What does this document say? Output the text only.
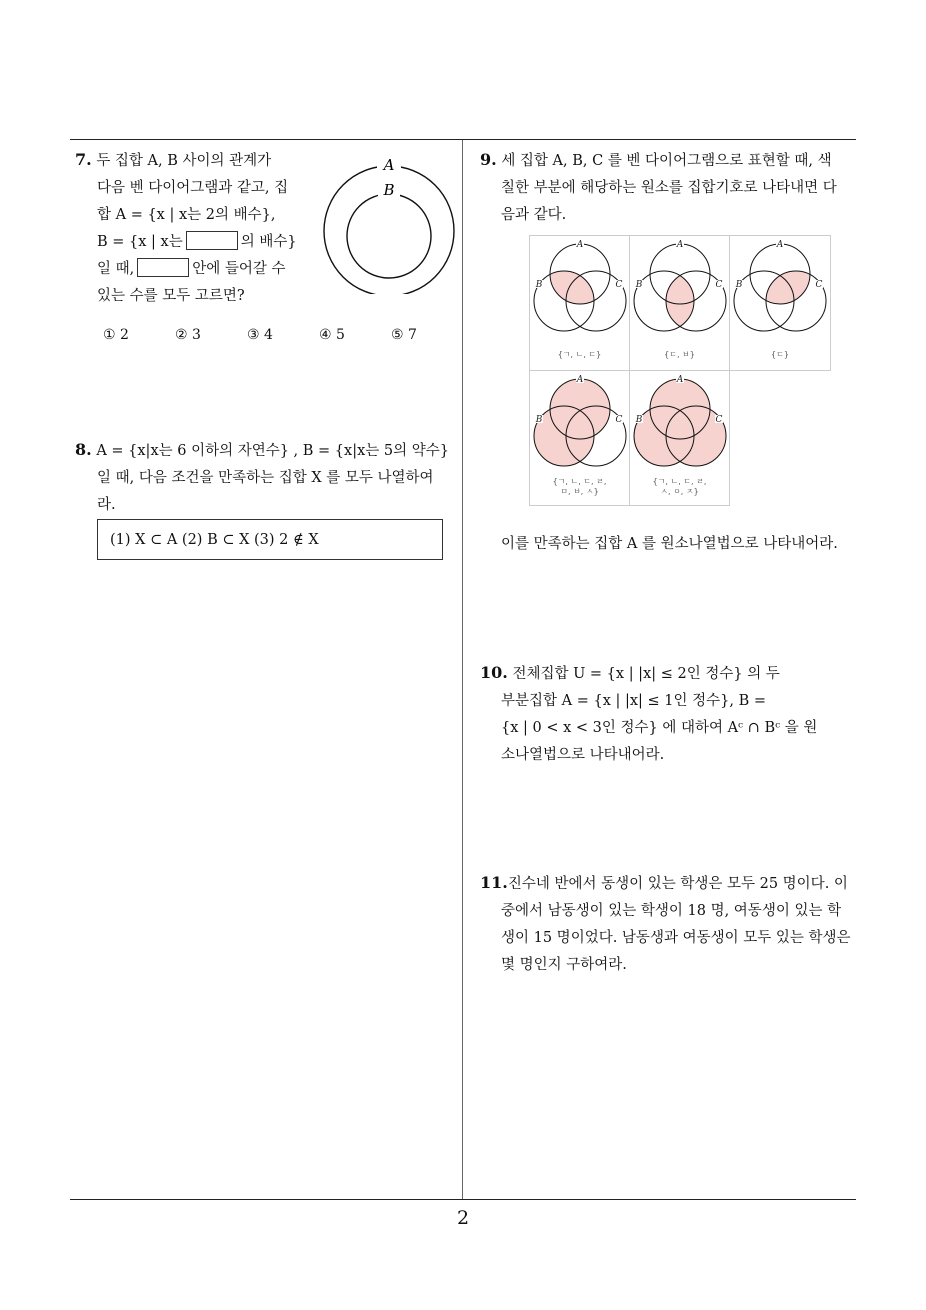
7. 두 집합 A, B 사이의 관계가
다음 벤 다이어그램과 같고, 집
합 A = {x | x는 2의 배수},
B = {x | x는	의 배수}
일 때,	안에 들어갈 수
있는 수를 모두 고르면?
A
B
① 2	② 3	③ 4	④ 5	⑤ 7
8. A = {x|x는 6 이하의 자연수} , B = {x|x는 5의 약수}
일 때, 다음 조건을 만족하는 집합 X 를 모두 나열하여
라.
(1) X ⊂ A (2) B ⊂ X (3) 2 ∉ X
9. 세 집합 A, B, C 를 벤 다이어그램으로 표현할 때, 색
칠한 부분에 해당하는 원소를 집합기호로 나타내면 다
음과 같다.
A
B	C
{ㄱ, ㄴ, ㄷ}
A
B	C
{ㄷ, ㅂ}
A
B	C
{ㄷ}
A
B	C
{ㄱ, ㄴ, ㄷ, ㄹ,
ㅁ, ㅂ, ㅅ}
A
B	C
{ㄱ, ㄴ, ㄷ, ㄹ,
ㅅ, ㅇ, ㅈ}
이를 만족하는 집합 A 를 원소나열법으로 나타내어라.
10. 전체집합 U = {x | |x| ≤ 2인 정수} 의 두
부분집합 A = {x | |x| ≤ 1인 정수}, B =
{x | 0 < x < 3인 정수} 에 대하여 Aᶜ ∩ Bᶜ 을 원
소나열법으로 나타내어라.
11.진수네 반에서 동생이 있는 학생은 모두 25 명이다. 이
중에서 남동생이 있는 학생이 18 명, 여동생이 있는 학
생이 15 명이었다. 남동생과 여동생이 모두 있는 학생은
몇 명인지 구하여라.
2
